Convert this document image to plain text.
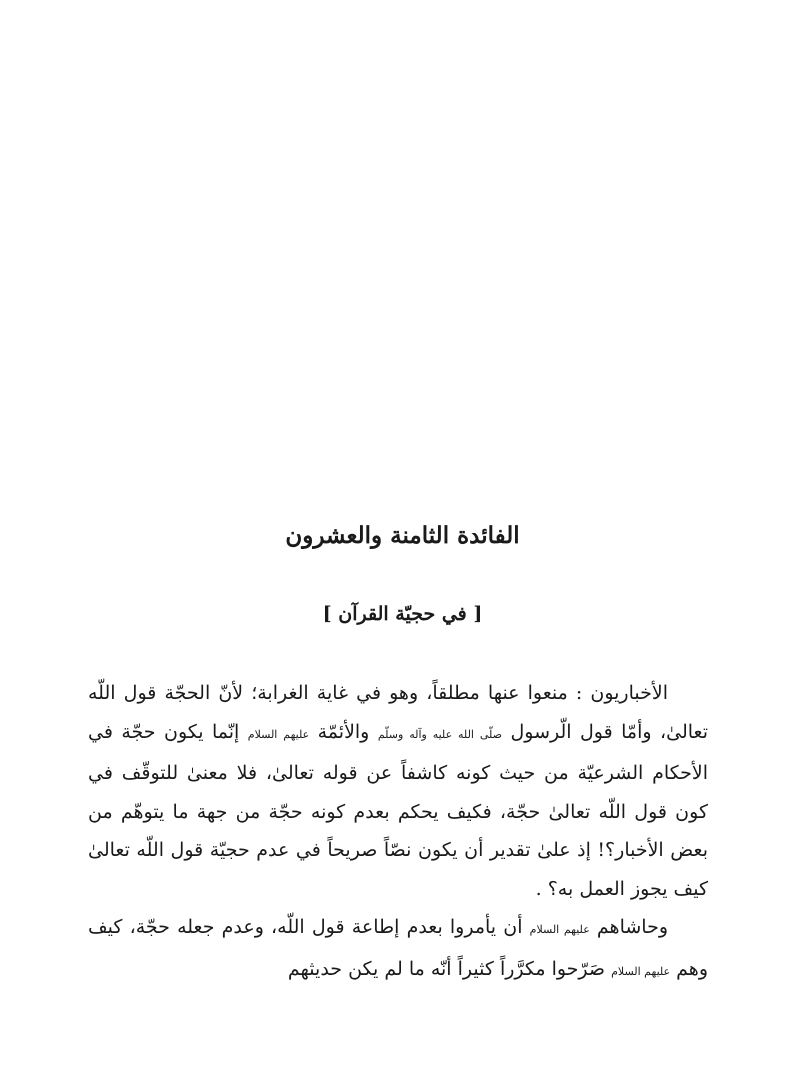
الفائدة الثامنة والعشرون
[ في حجيّة القرآن ]

الأخباريون : منعوا عنها مطلقاً، وهو في غاية الغرابة؛ لأنّ الحجّة قول اللّه تعالىٰ، وأمّا قول الّرسول صلّى الله عليه وآله وسلّم والأئمّة عليهم السلام إنّما يكون حجّة في الأحكام الشرعيّة من حيث كونه كاشفاً عن قوله تعالىٰ، فلا معنىٰ للتوقّف في كون قول اللّه تعالىٰ حجّة، فكيف يحكم بعدم كونه حجّة من جهة ما يتوهّم من بعض الأخبار؟! إذ علىٰ تقدير أن يكون نصّاً صريحاً في عدم حجيّة قول اللّه تعالىٰ كيف يجوز العمل به؟ .

وحاشاهم عليهم السلام أن يأمروا بعدم إطاعة قول اللّه، وعدم جعله حجّة، كيف وهم عليهم السلام صَرّحوا مكرَّراً كثيراً أنّه ما لم يكن حديثهم
